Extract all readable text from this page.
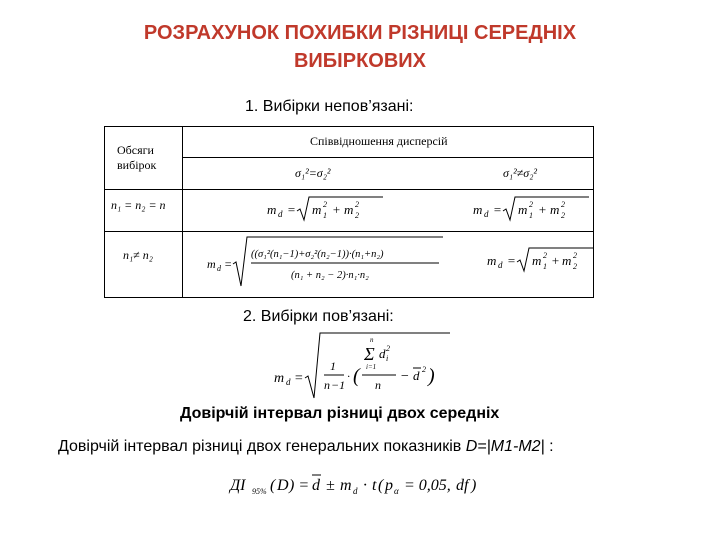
РОЗРАХУНОК ПОХИБКИ РІЗНИЦІ СЕРЕДНІХ
ВИБІРКОВИХ
1. Вибірки непов’язані:
Обсяги вибірок
Співвідношення дисперсій
σ₁²=σ₂²	σ₁²≠σ₂²
n₁ = n₂ = n
n₁≠ n₂
m d = m 2
1 + m 2
2	m d = m 2
1 + m 2
2
m d =
((σ₁²(n₁−1)+σ₂²(n₂−1))·(n₁+n₂)
(n₁ + n₂ − 2)·n₁·n₂
m d = m 2
1 + m 2
2
2. Вибірки пов’язані:
m d =
1
n −1
· (
n
Σ
i=1
d i
2
n
− d 2 )
Довірчій інтервал різниці двох середніх
Довірчій інтервал різниці двох генеральних показників D=|M1-M2| :
ДІ 95% ( D ) = d ± m d · t ( p α = 0,05, df )
